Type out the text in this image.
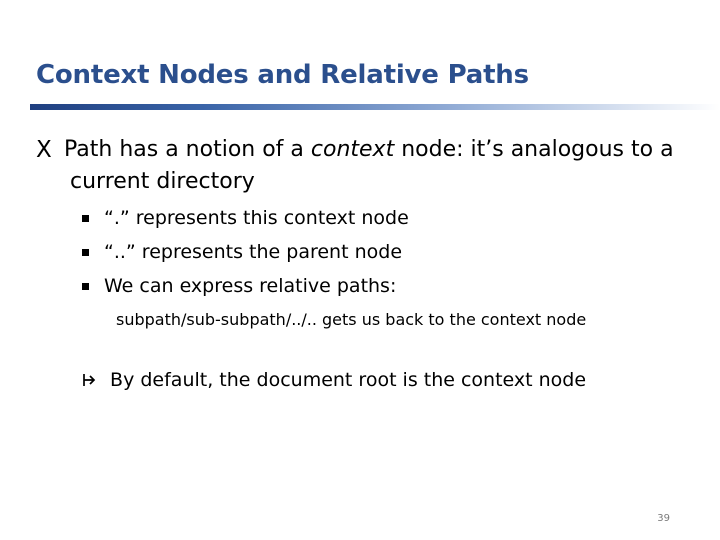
Context Nodes and Relative Paths
X Path has a notion of a context node: it’s analogous to a current directory
“.” represents this context node
“..” represents the parent node
We can express relative paths:
subpath/sub-subpath/../.. gets us back to the context node
By default, the document root is the context node
39
